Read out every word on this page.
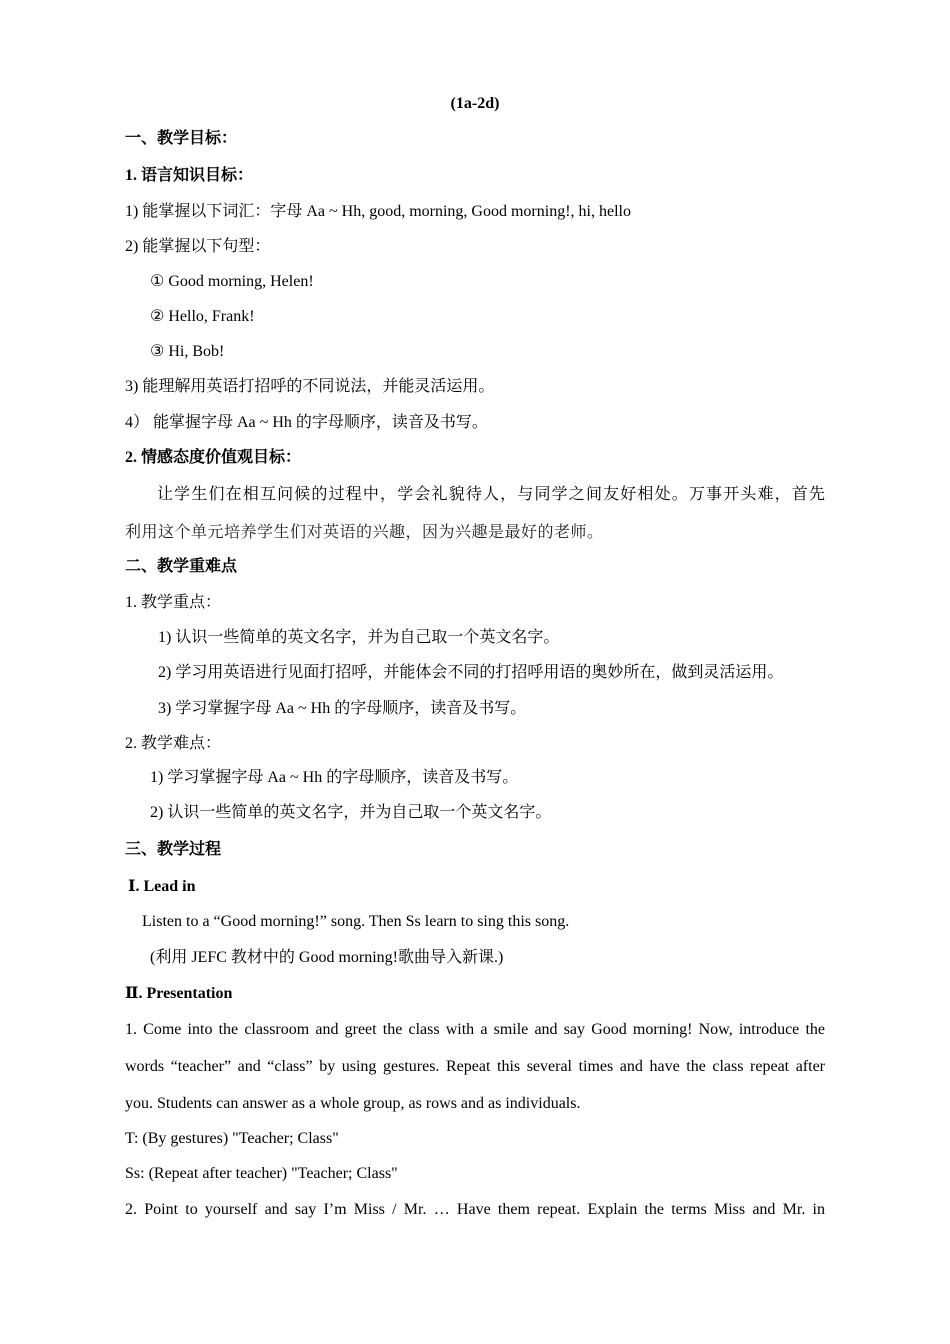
(1a-2d)
一、教学目标：
1. 语言知识目标：
1) 能掌握以下词汇：字母 Aa ~ Hh, good, morning, Good morning!, hi, hello
2) 能掌握以下句型：
① Good morning, Helen!
② Hello, Frank!
③ Hi, Bob!
3) 能理解用英语打招呼的不同说法，并能灵活运用。
4） 能掌握字母 Aa ~ Hh 的字母顺序，读音及书写。
2. 情感态度价值观目标：
让学生们在相互问候的过程中，学会礼貌待人，与同学之间友好相处。万事开头难，首先
利用这个单元培养学生们对英语的兴趣，因为兴趣是最好的老师。
二、教学重难点
1. 教学重点：
1) 认识一些简单的英文名字，并为自己取一个英文名字。
2) 学习用英语进行见面打招呼，并能体会不同的打招呼用语的奥妙所在，做到灵活运用。
3) 学习掌握字母 Aa ~ Hh 的字母顺序，读音及书写。
2. 教学难点：
1) 学习掌握字母 Aa ~ Hh 的字母顺序，读音及书写。
2) 认识一些简单的英文名字，并为自己取一个英文名字。
三、教学过程
Ⅰ. Lead in
Listen to a “Good morning!” song. Then Ss learn to sing this song.
(利用 JEFC 教材中的 Good morning!歌曲导入新课.)
Ⅱ. Presentation
1. Come into the classroom and greet the class with a smile and say Good morning! Now, introduce the
words “teacher” and “class” by using gestures. Repeat this several times and have the class repeat after
you. Students can answer as a whole group, as rows and as individuals.
T: (By gestures) "Teacher; Class"
Ss: (Repeat after teacher) "Teacher; Class"
2. Point to yourself and say I’m Miss / Mr. … Have them repeat. Explain the terms Miss and Mr. in
